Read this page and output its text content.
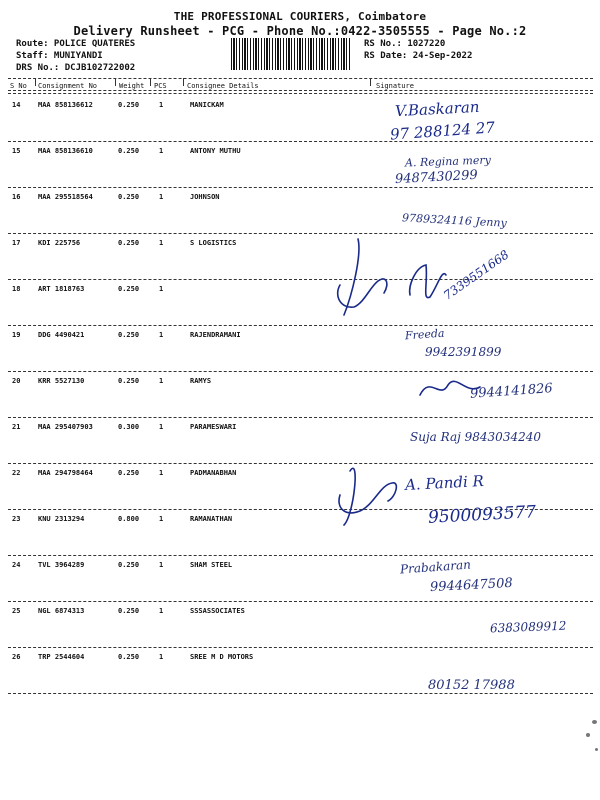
THE PROFESSIONAL COURIERS, Coimbatore
Delivery Runsheet - PCG - Phone No.:0422-3505555 - Page No.:2
Route: POLICE QUATERES
Staff: MUNIYANDI
DRS No.: DCJB102722002
RS No.: 1027220
RS Date: 24-Sep-2022
S No Consignment No	Weight PCS	Consignee Details	Signature
14	MAA 858136612	0.250	1	MANICKAM
15	MAA 858136610	0.250	1	ANTONY MUTHU
16	MAA 295518564	0.250	1	JOHNSON
17	KDI 225756	0.250	1	S LOGISTICS
18	ART 1818763	0.250	1
19	DDG 4490421	0.250	1	RAJENDRAMANI
20	KRR 5527130	0.250	1	RAMYS
21	MAA 295407903	0.300	1	PARAMESWARI
22	MAA 294798464	0.250	1	PADMANABHAN
23	KNU 2313294	0.800	1	RAMANATHAN
24	TVL 3964289	0.250	1	SHAM STEEL
25	NGL 6874313	0.250	1	SSSASSOCIATES
26	TRP 2544604	0.250	1	SREE M D MOTORS
V.Baskaran
97 288124 27
A. Regina mery
9487430299
9789324116 Jenny
7339551668
Freeda
9942391899
9944141826
Suja Raj 9843034240
A. Pandi R
9500093577
Prabakaran
9944647508
6383089912
80152 17988
